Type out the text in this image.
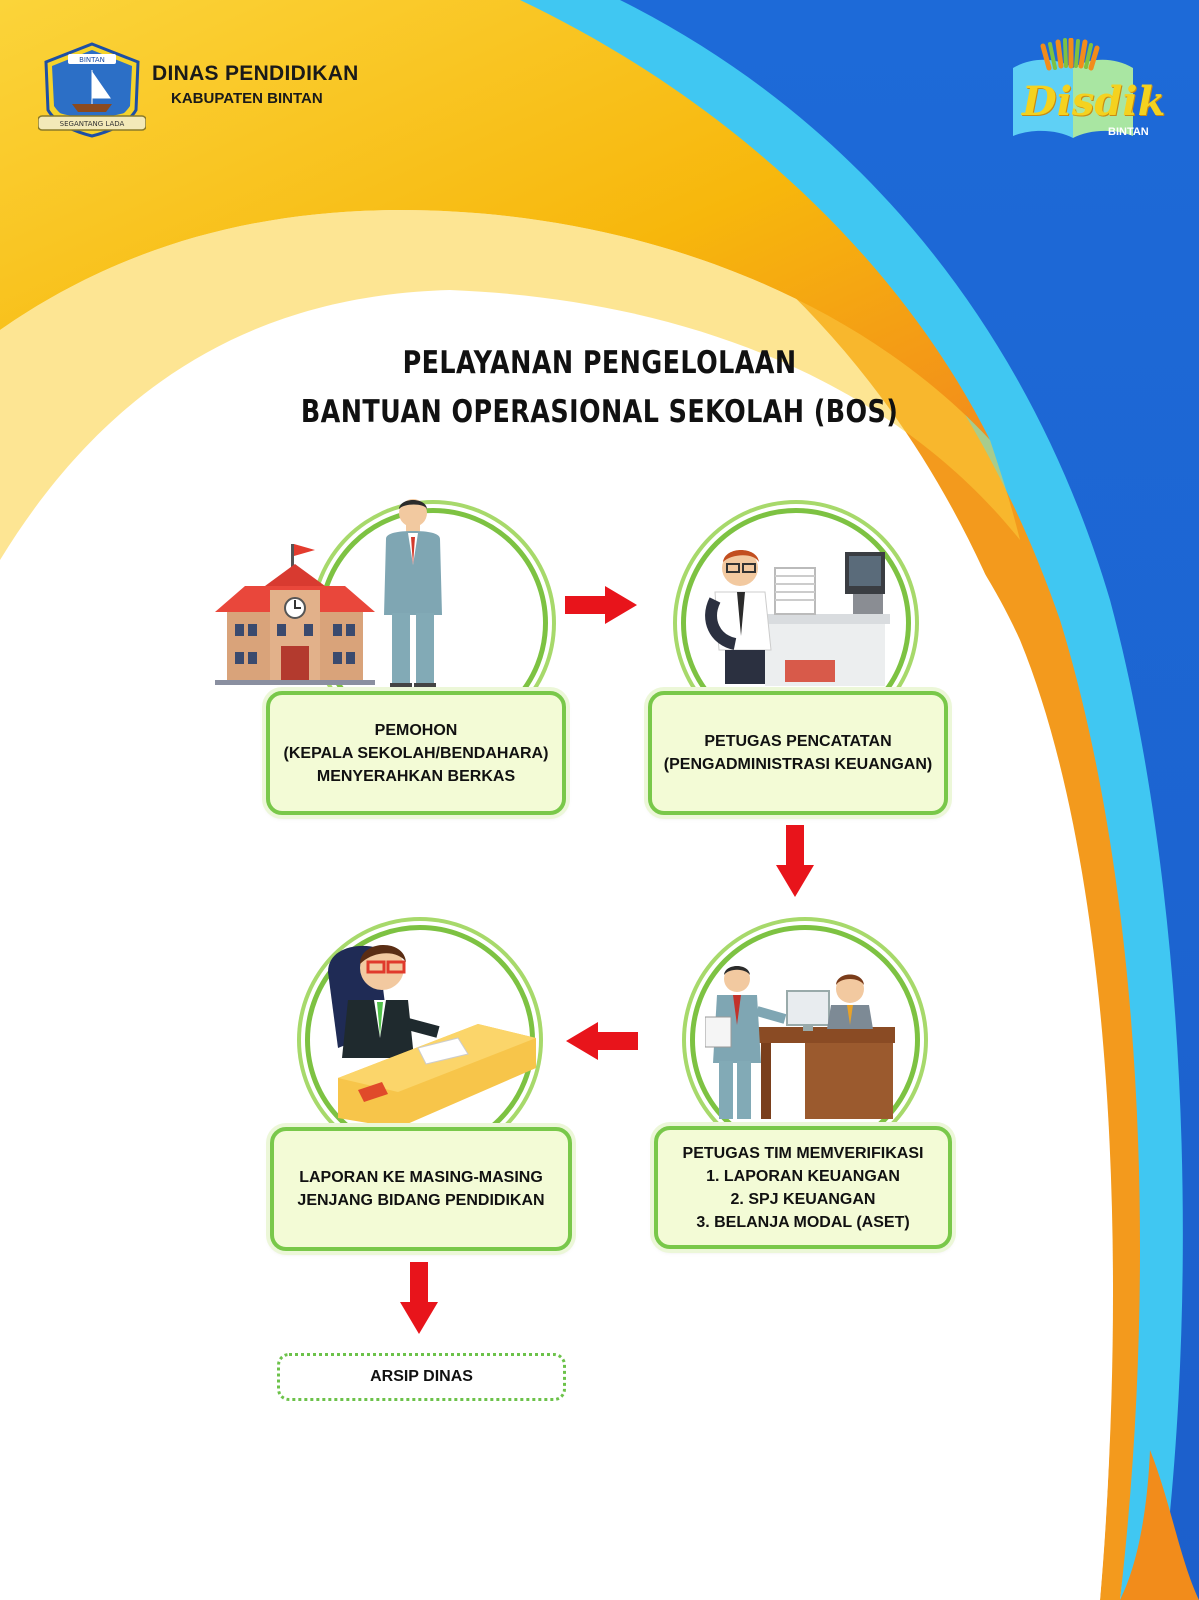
BINTAN
SEGANTANG LADA
DINAS PENDIDIKAN
KABUPATEN BINTAN	Disdik
BINTAN
PELAYANAN PENGELOLAAN
BANTUAN OPERASIONAL SEKOLAH (BOS)
PEMOHON
(KEPALA SEKOLAH/BENDAHARA)
MENYERAHKAN BERKAS
PETUGAS PENCATATAN
(PENGADMINISTRASI KEUANGAN)
PETUGAS TIM MEMVERIFIKASI
1. LAPORAN KEUANGAN
2. SPJ KEUANGAN
3. BELANJA MODAL (ASET)
LAPORAN KE MASING-MASING
JENJANG BIDANG PENDIDIKAN
ARSIP DINAS
